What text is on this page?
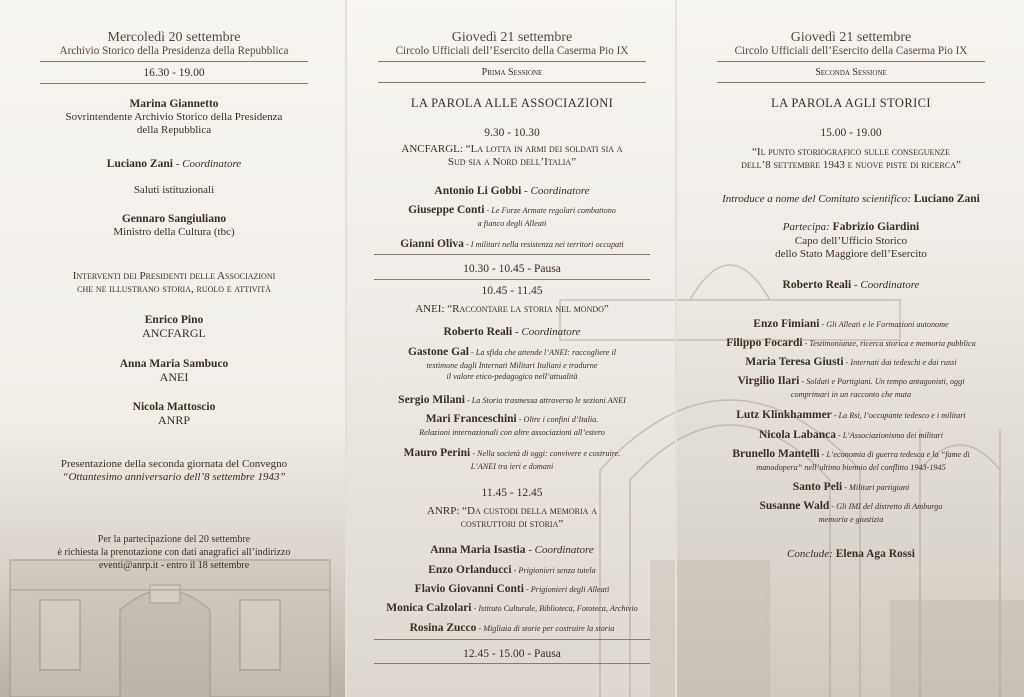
Mercoledì 20 settembre
Archivio Storico della Presidenza della Repubblica
16.30 - 19.00
Marina Giannetto
Sovrintendente Archivio Storico della Presidenza
della Repubblica
Luciano Zani - Coordinatore
Saluti istituzionali
Gennaro Sangiuliano
Ministro della Cultura (tbc)
Interventi dei Presidenti delle Associazioni
che ne illustrano storia, ruolo e attività
Enrico Pino
ANCFARGL
Anna Maria Sambuco
ANEI
Nicola Mattoscio
ANRP
Presentazione della seconda giornata del Convegno
“Ottantesimo anniversario dell’8 settembre 1943”
Per la partecipazione del 20 settembre
è richiesta la prenotazione con dati anagrafici all’indirizzo
eventi@anrp.it - entro il 18 settembre
Giovedì 21 settembre
Circolo Ufficiali dell’Esercito della Caserma Pio IX
Prima Sessione
LA PAROLA ALLE ASSOCIAZIONI
9.30 - 10.30
ANCFARGL: “La lotta in armi dei soldati sia a
Sud sia a Nord dell’Italia”
Antonio Li Gobbi - Coordinatore
Giuseppe Conti - Le Forze Armate regolari combattono
a fianco degli Alleati
Gianni Oliva - I militari nella resistenza nei territori occupati
10.30 - 10.45 - Pausa
10.45 - 11.45
ANEI: “Raccontare la storia nel mondo”
Roberto Reali - Coordinatore
Gastone Gal - La sfida che attende l’ANEI: raccogliere il
testimone dagli Internati Militari Italiani e tradurne
il valore etico-pedagogico nell’attualità
Sergio Milani - La Storia trasmessa attraverso le sezioni ANEI
Mari Franceschini - Oltre i confini d’Italia.
Relazioni internazionali con altre associazioni all’estero
Mauro Perini - Nella società di oggi: convivere e costruire.
L’ANEI tra ieri e domani
11.45 - 12.45
ANRP: “Da custodi della memoria a
costruttori di storia”
Anna Maria Isastia - Coordinatore
Enzo Orlanducci - Prigionieri senza tutela
Flavio Giovanni Conti - Prigionieri degli Alleati
Monica Calzolari - Istituto Culturale, Biblioteca, Fototeca, Archivio
Rosina Zucco - Migliaia di storie per costruire la storia
12.45 - 15.00 - Pausa
Giovedì 21 settembre
Circolo Ufficiali dell’Esercito della Caserma Pio IX
Seconda Sessione
LA PAROLA AGLI STORICI
15.00 - 19.00
“Il punto storiografico sulle conseguenze
dell’8 settembre 1943 e nuove piste di ricerca”
Introduce a nome del Comitato scientifico: Luciano Zani
Partecipa: Fabrizio Giardini
Capo dell’Ufficio Storico
dello Stato Maggiore dell’Esercito
Roberto Reali - Coordinatore
Enzo Fimiani - Gli Alleati e le Formazioni autonome
Filippo Focardi - Testimonianze, ricerca storica e memoria pubblica
Maria Teresa Giusti - Internati dai tedeschi e dai russi
Virgilio Ilari - Soldati e Partigiani. Un tempo antagonisti, oggi
comprimari in un racconto che muta
Lutz Klinkhammer - La Rsi, l’occupante tedesco e i militari
Nicola Labanca - L’Associazionismo dei militari
Brunello Mantelli - L’economia di guerra tedesca e la “fame di
manodopera” nell’ultimo biennio del conflitto 1943-1945
Santo Peli - Militari partigiani
Susanne Wald - Gli IMI del distretto di Amburgo
memoria e giustizia
Conclude: Elena Aga Rossi
